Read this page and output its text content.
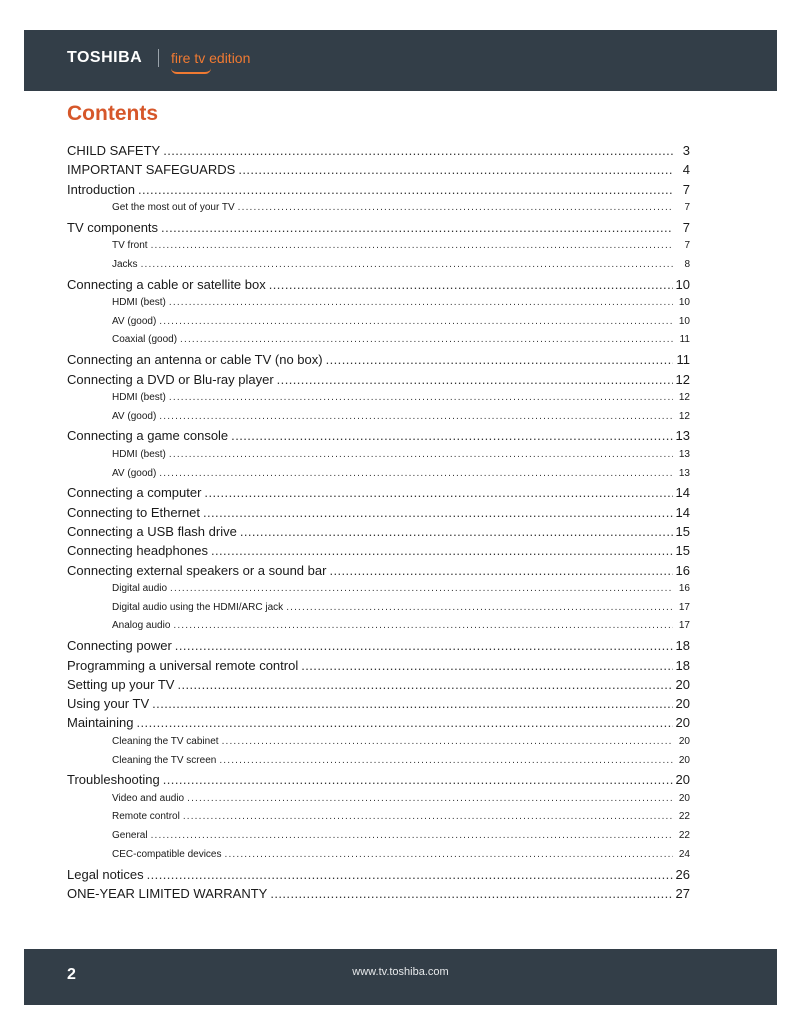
TOSHIBA fire tv edition
Contents
CHILD SAFETY . . .	3
IMPORTANT SAFEGUARDS . . .	4
Introduction . . .	7
Get the most out of your TV . . .	7
TV components . . .	7
TV front . . .	7
Jacks . . .	8
Connecting a cable or satellite box . . .	10
HDMI (best) . . .	10
AV (good) . . .	10
Coaxial (good) . . .	11
Connecting an antenna or cable TV (no box) . . .	11
Connecting a DVD or Blu-ray player . . .	12
HDMI (best) . . .	12
AV (good) . . .	12
Connecting a game console . . .	13
HDMI (best) . . .	13
AV (good) . . .	13
Connecting a computer . . .	14
Connecting to Ethernet . . .	14
Connecting a USB flash drive . . .	15
Connecting headphones . . .	15
Connecting external speakers or a sound bar . . .	16
Digital audio . . .	16
Digital audio using the HDMI/ARC jack . . .	17
Analog audio . . .	17
Connecting power . . .	18
Programming a universal remote control . . .	18
Setting up your TV . . .	20
Using your TV . . .	20
Maintaining . . .	20
Cleaning the TV cabinet . . .	20
Cleaning the TV screen . . .	20
Troubleshooting . . .	20
Video and audio . . .	20
Remote control . . .	22
General . . .	22
CEC-compatible devices . . .	24
Legal notices . . .	26
ONE-YEAR LIMITED WARRANTY . . .	27
2	www.tv.toshiba.com
